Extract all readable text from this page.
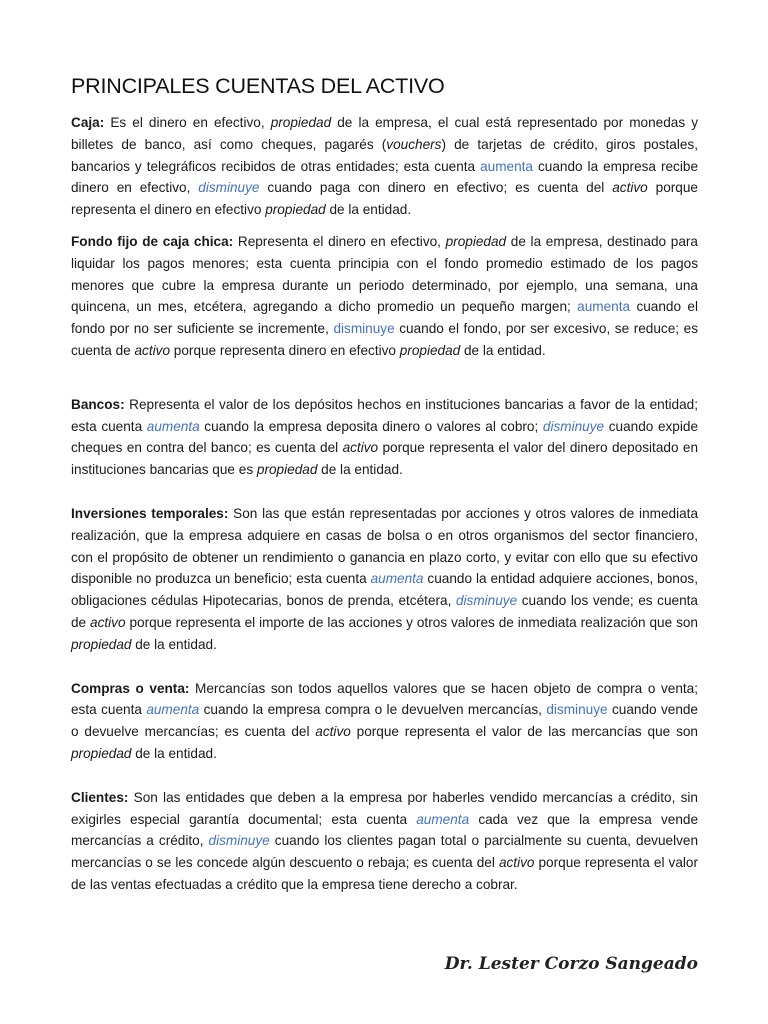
PRINCIPALES CUENTAS DEL ACTIVO

Caja: Es el dinero en efectivo, propiedad de la empresa, el cual está representado por monedas y billetes de banco, así como cheques, pagarés (vouchers) de tarjetas de crédito, giros postales, bancarios y telegráficos recibidos de otras entidades; esta cuenta aumenta cuando la empresa recibe dinero en efectivo, disminuye cuando paga con dinero en efectivo; es cuenta del activo porque representa el dinero en efectivo propiedad de la entidad.

Fondo fijo de caja chica: Representa el dinero en efectivo, propiedad de la empresa, destinado para liquidar los pagos menores; esta cuenta principia con el fondo promedio estimado de los pagos menores que cubre la empresa durante un periodo determinado, por ejemplo, una semana, una quincena, un mes, etcétera, agregando a dicho promedio un pequeño margen; aumenta cuando el fondo por no ser suficiente se incremente, disminuye cuando el fondo, por ser excesivo, se reduce; es cuenta de activo porque representa dinero en efectivo propiedad de la entidad.

Bancos: Representa el valor de los depósitos hechos en instituciones bancarias a favor de la entidad; esta cuenta aumenta cuando la empresa deposita dinero o valores al cobro; disminuye cuando expide cheques en contra del banco; es cuenta del activo porque representa el valor del dinero depositado en instituciones bancarias que es propiedad de la entidad.

Inversiones temporales: Son las que están representadas por acciones y otros valores de inmediata realización, que la empresa adquiere en casas de bolsa o en otros organismos del sector financiero, con el propósito de obtener un rendimiento o ganancia en plazo corto, y evitar con ello que su efectivo disponible no produzca un beneficio; esta cuenta aumenta cuando la entidad adquiere acciones, bonos, obligaciones cédulas Hipotecarias, bonos de prenda, etcétera, disminuye cuando los vende; es cuenta de activo porque representa el importe de las acciones y otros valores de inmediata realización que son propiedad de la entidad.

Compras o venta: Mercancías son todos aquellos valores que se hacen objeto de compra o venta; esta cuenta aumenta cuando la empresa compra o le devuelven mercancías, disminuye cuando vende o devuelve mercancías; es cuenta del activo porque representa el valor de las mercancías que son propiedad de la entidad.

Clientes: Son las entidades que deben a la empresa por haberles vendido mercancías a crédito, sin exigirles especial garantía documental; esta cuenta aumenta cada vez que la empresa vende mercancías a crédito, disminuye cuando los clientes pagan total o parcialmente su cuenta, devuelven mercancías o se les concede algún descuento o rebaja; es cuenta del activo porque representa el valor de las ventas efectuadas a crédito que la empresa tiene derecho a cobrar.

Dr. Lester Corzo Sangeado
